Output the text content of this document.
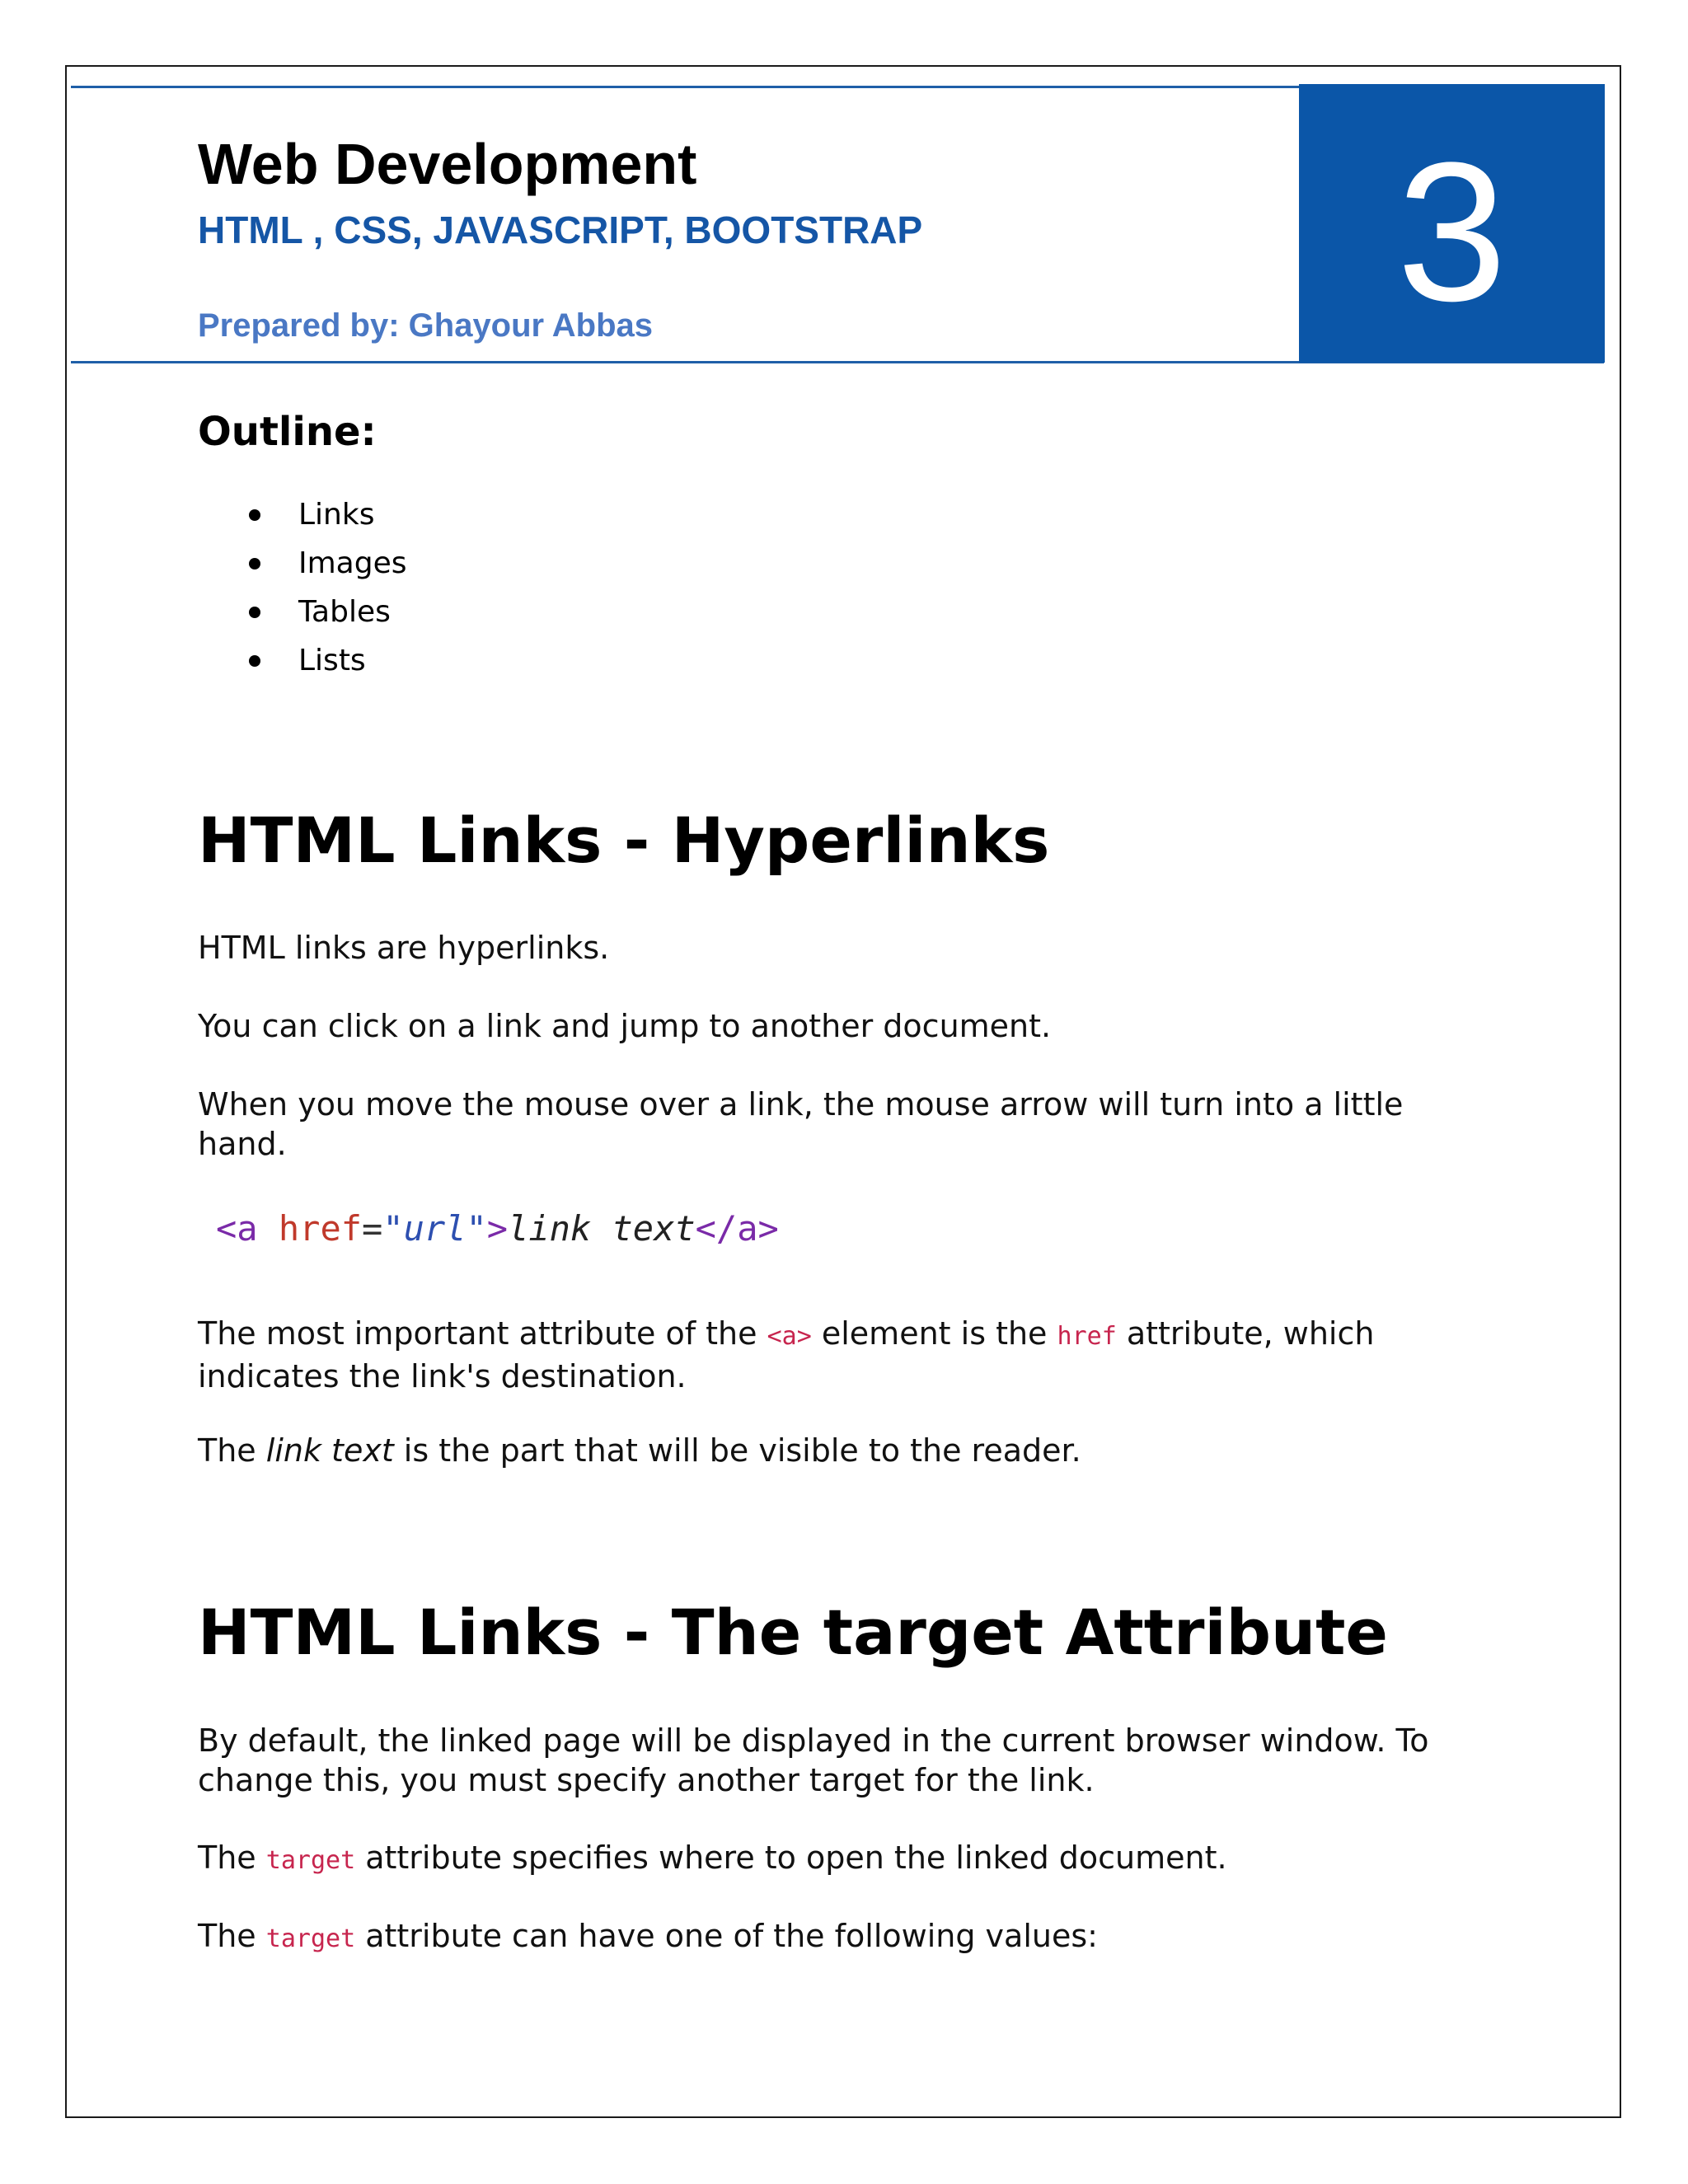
Web Development
HTML , CSS, JAVASCRIPT, BOOTSTRAP
Prepared by: Ghayour Abbas	3
Outline:
Links
Images
Tables
Lists
HTML Links - Hyperlinks
HTML links are hyperlinks.
You can click on a link and jump to another document.
When you move the mouse over a link, the mouse arrow will turn into a little hand.
<a href="url">link text</a>
The most important attribute of the <a> element is the href attribute, which indicates the link's destination.
The link text is the part that will be visible to the reader.
HTML Links - The target Attribute
By default, the linked page will be displayed in the current browser window. To change this, you must specify another target for the link.
The target attribute specifies where to open the linked document.
The target attribute can have one of the following values:
